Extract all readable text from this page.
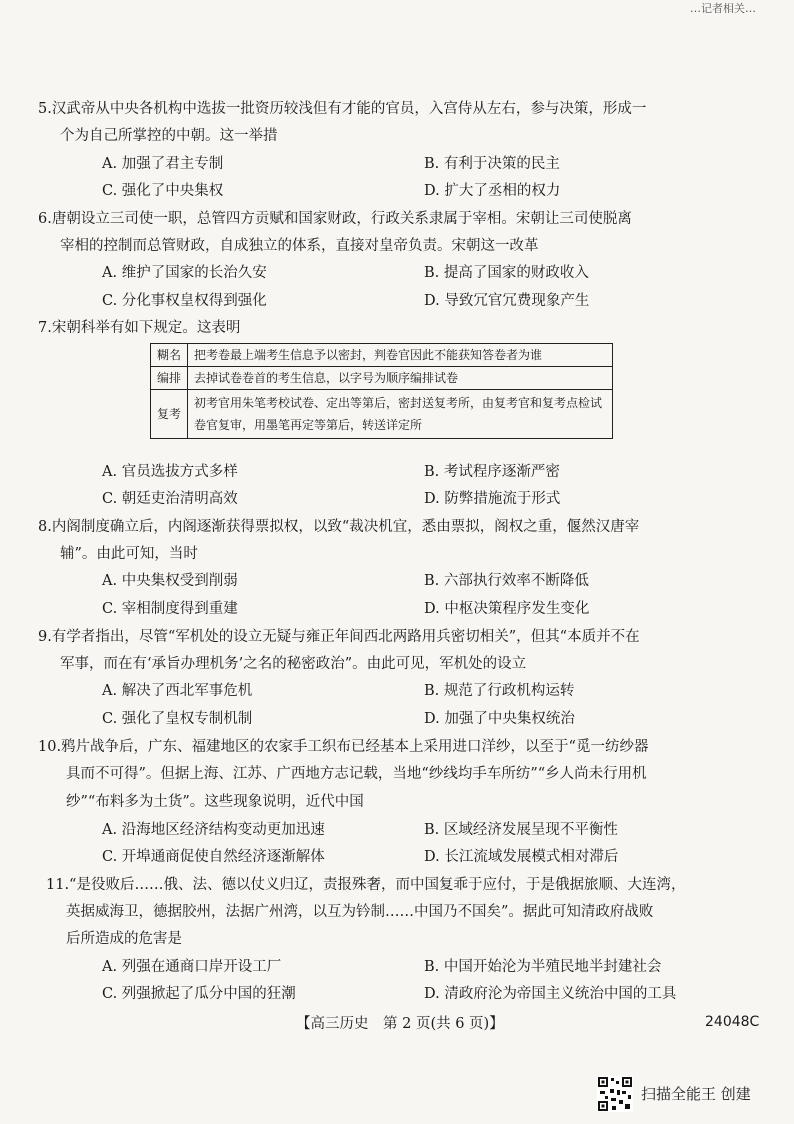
…记者相关…
5.汉武帝从中央各机构中选拔一批资历较浅但有才能的官员，入宫侍从左右，参与决策，形成一
个为自己所掌控的中朝。这一举措
A. 加强了君主专制	B. 有利于决策的民主
C. 强化了中央集权	D. 扩大了丞相的权力
6.唐朝设立三司使一职，总管四方贡赋和国家财政，行政关系隶属于宰相。宋朝让三司使脱离
宰相的控制而总管财政，自成独立的体系，直接对皇帝负责。宋朝这一改革
A. 维护了国家的长治久安	B. 提高了国家的财政收入
C. 分化事权皇权得到强化	D. 导致冗官冗费现象产生
7.宋朝科举有如下规定。这表明
糊名	把考卷最上端考生信息予以密封，判卷官因此不能获知答卷者为谁
编排	去掉试卷卷首的考生信息，以字号为顺序编排试卷
复考	初考官用朱笔考校试卷、定出等第后，密封送复考所，由复考官和复考点检试卷官复审，用墨笔再定等第后，转送详定所
A. 官员选拔方式多样	B. 考试程序逐渐严密
C. 朝廷吏治清明高效	D. 防弊措施流于形式
8.内阁制度确立后，内阁逐渐获得票拟权，以致“裁决机宜，悉由票拟，阁权之重，偃然汉唐宰
辅”。由此可知，当时
A. 中央集权受到削弱	B. 六部执行效率不断降低
C. 宰相制度得到重建	D. 中枢决策程序发生变化
9.有学者指出，尽管“军机处的设立无疑与雍正年间西北两路用兵密切相关”，但其“本质并不在
军事，而在有‘承旨办理机务’之名的秘密政治”。由此可见，军机处的设立
A. 解决了西北军事危机	B. 规范了行政机构运转
C. 强化了皇权专制机制	D. 加强了中央集权统治
10.鸦片战争后，广东、福建地区的农家手工织布已经基本上采用进口洋纱，以至于“觅一纺纱器
具而不可得”。但据上海、江苏、广西地方志记载，当地“纱线均手车所纺”“乡人尚未行用机
纱”“布料多为土货”。这些现象说明，近代中国
A. 沿海地区经济结构变动更加迅速	B. 区域经济发展呈现不平衡性
C. 开埠通商促使自然经济逐渐解体	D. 长江流域发展模式相对滞后
11.“是役败后……俄、法、德以仗义归辽，责报殊奢，而中国复乖于应付，于是俄据旅顺、大连湾，
英据威海卫，德据胶州，法据广州湾，以互为钤制……中国乃不国矣”。据此可知清政府战败
后所造成的危害是
A. 列强在通商口岸开设工厂	B. 中国开始沦为半殖民地半封建社会
C. 列强掀起了瓜分中国的狂潮	D. 清政府沦为帝国主义统治中国的工具
【高三历史　第 2 页(共 6 页)】	24048C
扫描全能王 创建
